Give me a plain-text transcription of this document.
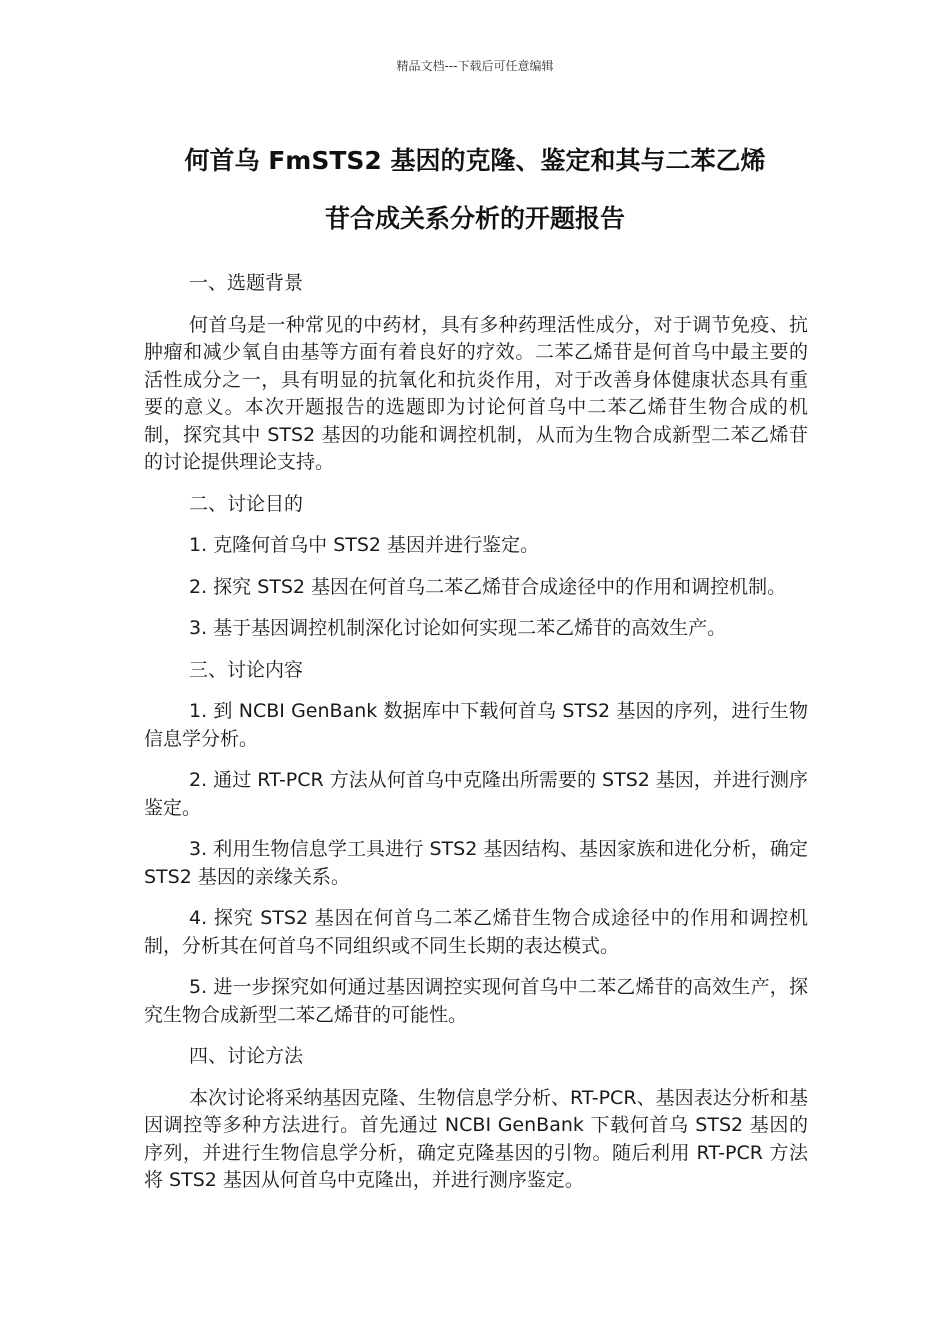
精品文档---下载后可任意编辑
何首乌 FmSTS2 基因的克隆、鉴定和其与二苯乙烯
苷合成关系分析的开题报告

一、选题背景

何首乌是一种常见的中药材，具有多种药理活性成分，对于调节免疫、抗肿瘤和减少氧自由基等方面有着良好的疗效。二苯乙烯苷是何首乌中最主要的活性成分之一，具有明显的抗氧化和抗炎作用，对于改善身体健康状态具有重要的意义。本次开题报告的选题即为讨论何首乌中二苯乙烯苷生物合成的机制，探究其中 STS2 基因的功能和调控机制，从而为生物合成新型二苯乙烯苷的讨论提供理论支持。

二、讨论目的

1. 克隆何首乌中 STS2 基因并进行鉴定。

2. 探究 STS2 基因在何首乌二苯乙烯苷合成途径中的作用和调控机制。

3. 基于基因调控机制深化讨论如何实现二苯乙烯苷的高效生产。

三、讨论内容

1. 到 NCBI GenBank 数据库中下载何首乌 STS2 基因的序列，进行生物信息学分析。

2. 通过 RT-PCR 方法从何首乌中克隆出所需要的 STS2 基因，并进行测序鉴定。

3. 利用生物信息学工具进行 STS2 基因结构、基因家族和进化分析，确定 STS2 基因的亲缘关系。

4. 探究 STS2 基因在何首乌二苯乙烯苷生物合成途径中的作用和调控机制，分析其在何首乌不同组织或不同生长期的表达模式。

5. 进一步探究如何通过基因调控实现何首乌中二苯乙烯苷的高效生产，探究生物合成新型二苯乙烯苷的可能性。

四、讨论方法

本次讨论将采纳基因克隆、生物信息学分析、RT-PCR、基因表达分析和基因调控等多种方法进行。首先通过 NCBI GenBank 下载何首乌 STS2 基因的序列，并进行生物信息学分析，确定克隆基因的引物。随后利用 RT-PCR 方法将 STS2 基因从何首乌中克隆出，并进行测序鉴定。
